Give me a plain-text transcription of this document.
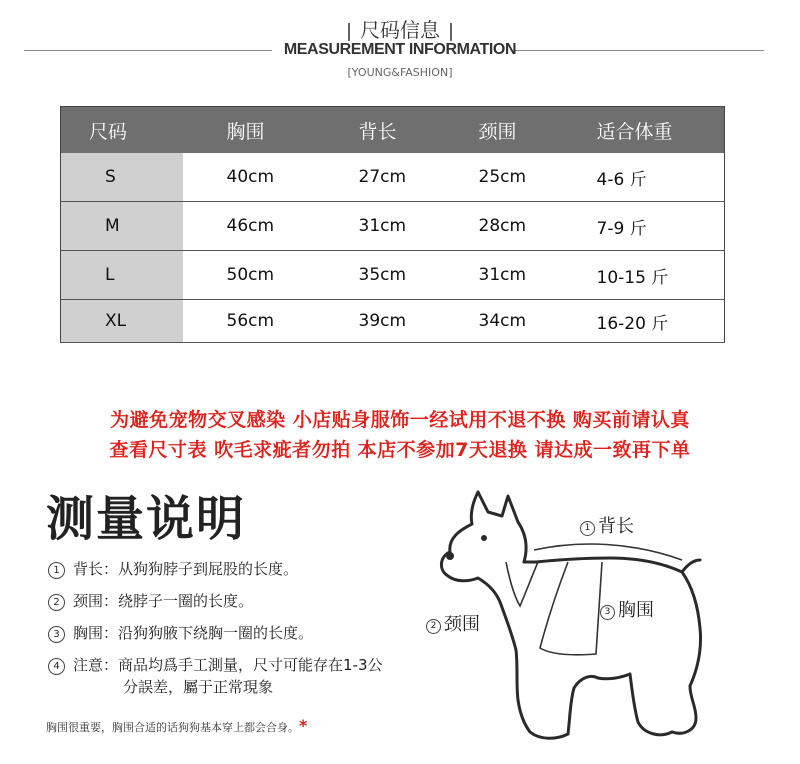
尺码信息
MEASUREMENT INFORMATION
[YOUNG&FASHION]
尺码	胸围	背长	颈围	适合体重
S	40cm	27cm	25cm	4-6 斤
M	46cm	31cm	28cm	7-9 斤
L	50cm	35cm	31cm	10-15 斤
XL	56cm	39cm	34cm	16-20 斤
为避免宠物交叉感染 小店贴身服饰一经试用不退不换 购买前请认真
查看尺寸表 吹毛求疵者勿拍 本店不参加7天退换 请达成一致再下单
测量说明
1 背长：从狗狗脖子到屁股的长度。
2 颈围：绕脖子一圈的长度。
3 胸围：沿狗狗腋下绕胸一圈的长度。
4 注意：商品均爲手工測量，尺寸可能存在1-3公
分誤差，屬于正常現象
胸围很重要，胸围合适的话狗狗基本穿上都会合身。*
1 背长
2 颈围
3 胸围
